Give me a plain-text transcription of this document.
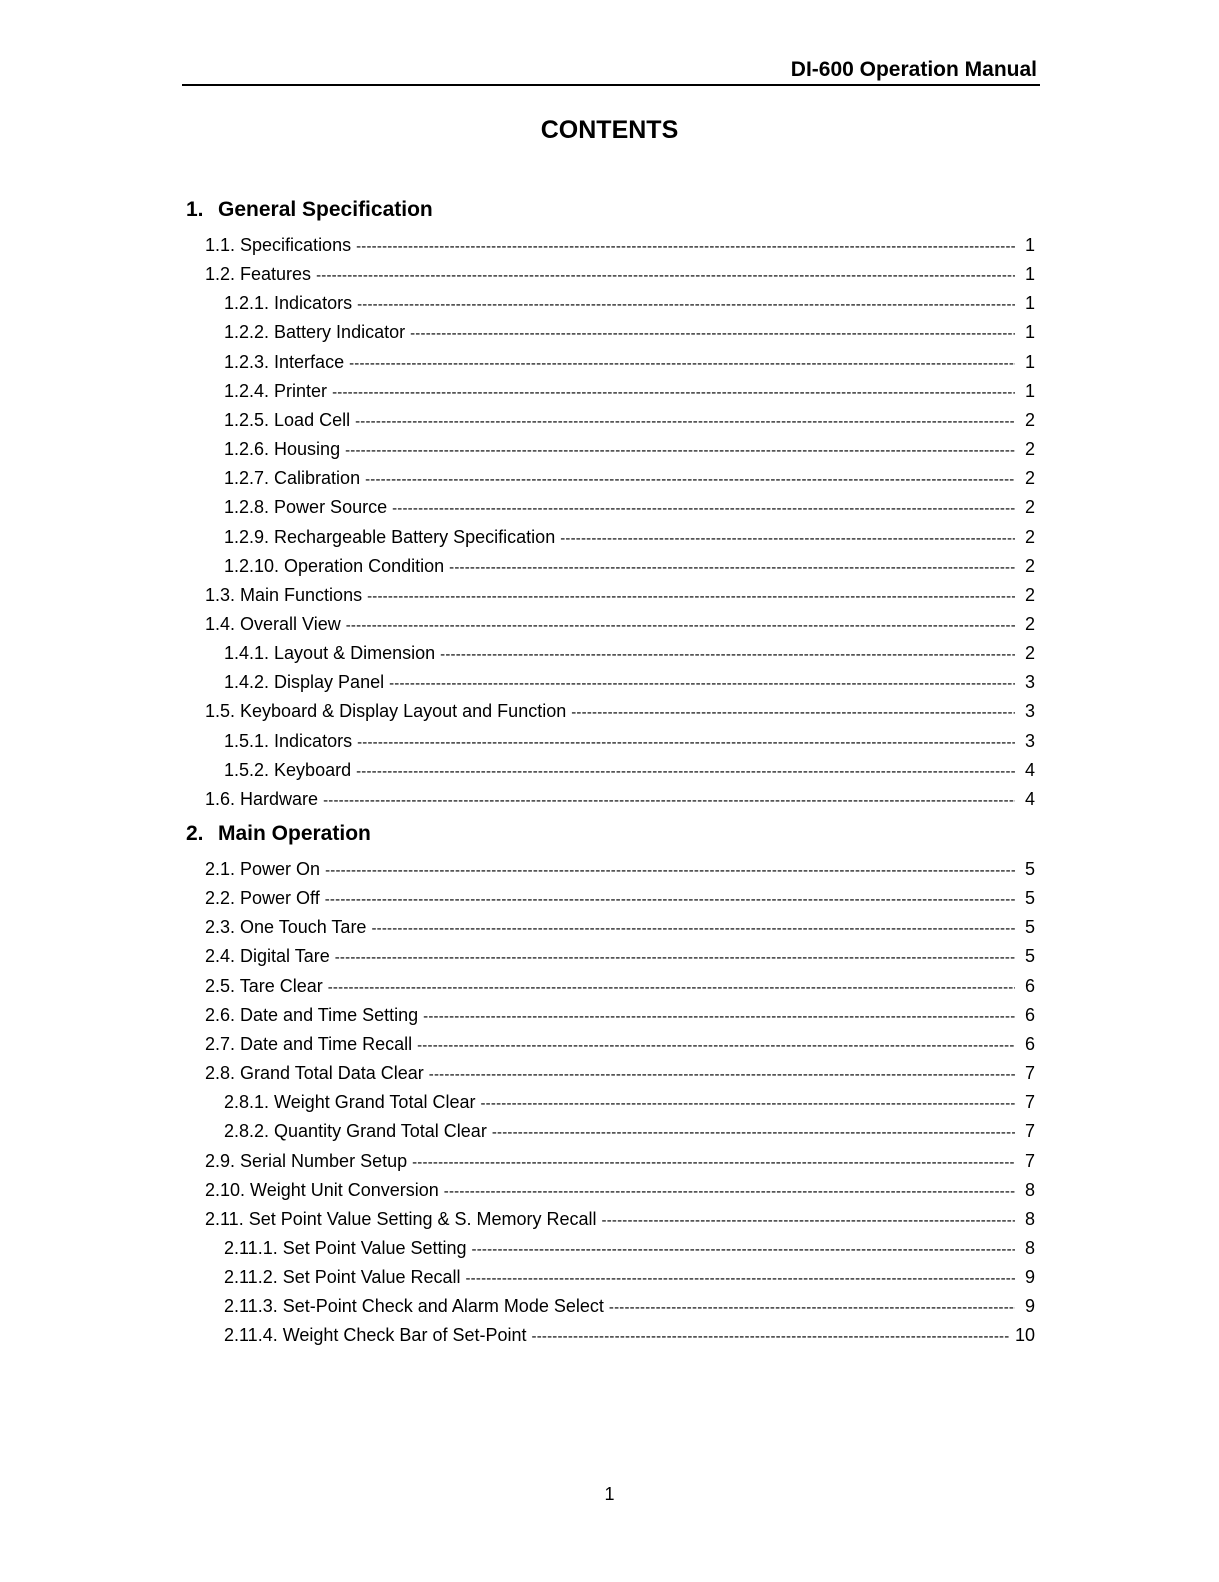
DI-600 Operation Manual
CONTENTS
1. General Specification
2. Main Operation
1.1. Specifications -----	1
1.2. Features -----	1
1.2.1. Indicators -----	1
1.2.2. Battery Indicator -----	1
1.2.3. Interface -----	1
1.2.4. Printer -----	1
1.2.5. Load Cell -----	2
1.2.6. Housing -----	2
1.2.7. Calibration -----	2
1.2.8. Power Source -----	2
1.2.9. Rechargeable Battery Specification -----	2
1.2.10. Operation Condition -----	2
1.3. Main Functions -----	2
1.4. Overall View -----	2
1.4.1. Layout & Dimension -----	2
1.4.2. Display Panel -----	3
1.5. Keyboard & Display Layout and Function -----	3
1.5.1. Indicators -----	3
1.5.2. Keyboard -----	4
1.6. Hardware -----	4
2.1. Power On -----	5
2.2. Power Off -----	5
2.3. One Touch Tare -----	5
2.4. Digital Tare -----	5
2.5. Tare Clear -----	6
2.6. Date and Time Setting -----	6
2.7. Date and Time Recall -----	6
2.8. Grand Total Data Clear -----	7
2.8.1. Weight Grand Total Clear -----	7
2.8.2. Quantity Grand Total Clear -----	7
2.9. Serial Number Setup -----	7
2.10. Weight Unit Conversion -----	8
2.11. Set Point Value Setting & S. Memory Recall -----	8
2.11.1. Set Point Value Setting -----	8
2.11.2. Set Point Value Recall -----	9
2.11.3. Set-Point Check and Alarm Mode Select -----	9
2.11.4. Weight Check Bar of Set-Point -----	10
1
